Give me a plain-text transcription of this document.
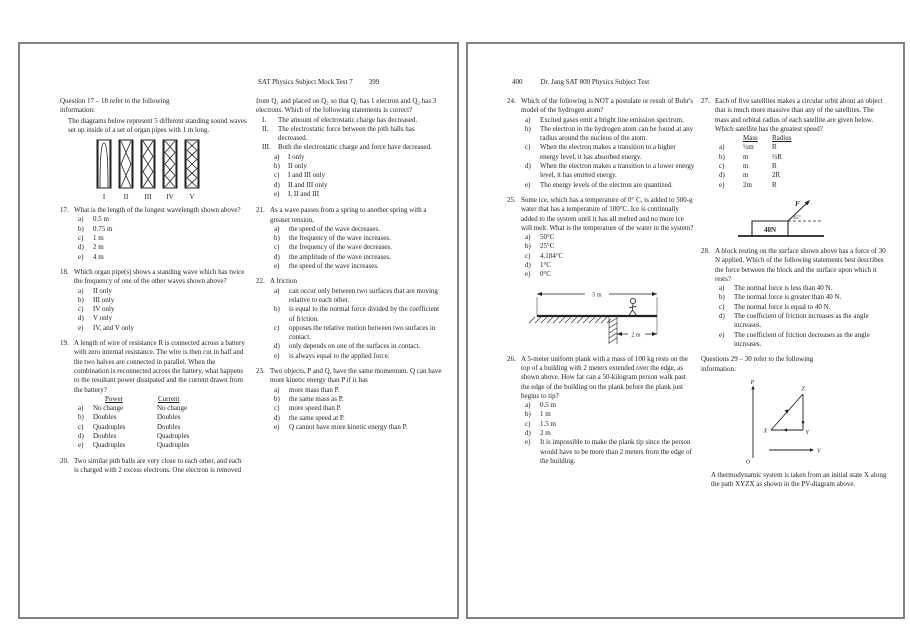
SAT Physics Subject Mock Test 7 399
Question 17 – 18 refer to the following
information:
The diagrams below represent 5 different standing sound waves set up inside of a set of organ pipes with 1 m long.
I	II III IV V
17. What is the length of the longest wavelength shown above?
a)	0.5 m
b)	0.75 m
c)	1 m
d)	2 m
e)	4 m
18. Which organ pipe(s) shows a standing wave which has twice the frequency of one of the other waves shown above?
a)	II only
b)	III only
c)	IV only
d)	V only
e)	IV, and V only
19. A length of wire of resistance R is connected across a battery with zero internal resistance. The wire is then cut in half and the two halves are connected in parallel. When the combination is reconnected across the battery, what happens to the resultant power dissipated and the current drawn from the battery?
Power	Current
a)	No change	No change
b)	Doubles	Doubles
c)	Quadruples	Doubles
d)	Doubles	Quadruples
e)	Quadruples	Quadruples
20. Two similar pith balls are very close to each other, and each is charged with 2 excess electrons. One electron is removed
from Q₁ and placed on Q₂ so that Q₁ has 1 electron and Q₂ has 3 electrons. Which of the following statements is correct?
I.	The amount of electrostatic charge has decreased.
II.	The electrostatic force between the pith balls has decreased.
III.	Both the electrostatic charge and force have decreased.
a)	I only
b)	II only
c)	I and III only
d)	II and III only
e)	I, II and III
21. As a wave passes from a spring to another spring with a greaser tension,
a)	the speed of the wave decreases.
b)	the frequency of the wave increases.
c)	the frequency of the wave decreases.
d)	the amplitude of the wave increases.
e)	the speed of the wave increases.
22. A friction
a)	can occur only between two surfaces that are moving relative to each other.
b)	is equal to the normal force divided by the coefficient of friction.
c)	opposes the relative motion between two surfaces in contact.
d)	only depends on one of the surfaces in contact.
e)	is always equal to the applied force.
23. Two objects, P and Q, have the same momentum. Q can have more kinetic energy than P if it has
a)	more mass than P.
b)	the same mass as P.
c)	more speed than P.
d)	the same speed at P.
e)	Q cannot have more kinetic energy than P.
400	Dr. Jang SAT 800 Physics Subject Test
24. Which of the following is NOT a postulate or result of Bohr's model of the hydrogen atom?
a)	Excited gases emit a bright line emission spectrum.
b)	The electron in the hydrogen atom can be found at any radius around the nucleus of the atom.
c)	When the electron makes a transition to a higher energy level, it has absorbed energy.
d)	When the electron makes a transition to a lower energy level, it has emitted energy.
e)	The energy levels of the electron are quantized.
25. Some ice, which has a temperature of 0° C, is added to 500-g water that has a temperature of 100°C. Ice is continually added to the system until it has all melted and no more ice will melt. What is the temperature of the water in the system?
a)	50°C
b)	25°C
c)	4.184°C
d)	1°C
e)	0°C
5 m
2 m
26. A 5-meter uniform plank with a mass of 100 kg rests on the top of a building with 2 meters extended over the edge, as shown above. How far can a 50-kilogram person walk past the edge of the building on the plank before the plank just begins to tip?
a)	0.5 m
b)	1 m
c)	1.5 m
d)	2 m
e)	It is impossible to make the plank tip since the person would have to be more than 2 meters from the edge of the building.
27. Each of five satellites makes a circular orbit about an object that is much more massive than any of the satellites. The mass and orbital radius of each satellite are given below. Which satellite has the greatest speed?
Mass	Radius
a)	½m	R
b)	m	½R
c)	m	R
d)	m	2R
e)	2m	R
40N
F
45°
28. A block resting on the surface shown above has a force of 30 N applied. Which of the following statements best describes the force between the block and the surface upon which it rests?
a)	The normal force is less than 40 N.
b)	The normal force is greater than 40 N.
c)	The normal force is equal to 40 N.
d)	The coefficient of friction increases as the angle increases.
e)	The coefficient of friction decreases as the angle increases.
Questions 29 – 30 refer to the following
information:
P
O
V
X
Z
Y
A thermodynamic system is taken from an initial state X along the path XYZX as shown in the PV-diagram above.
